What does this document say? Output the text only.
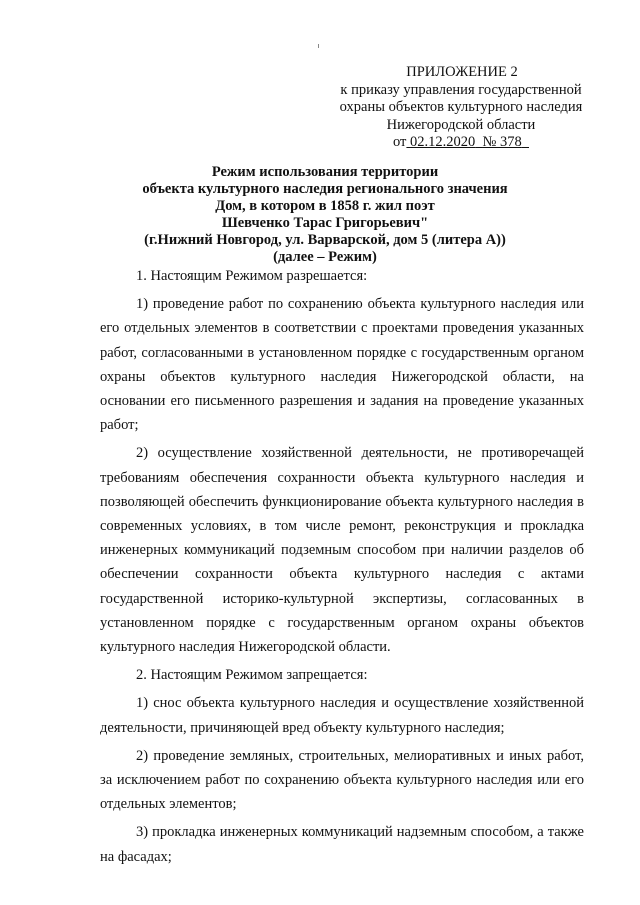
ПРИЛОЖЕНИЕ 2
к приказу управления государственной
охраны объектов культурного наследия
Нижегородской области
от 02.12.2020 № 378
Режим использования территории
объекта культурного наследия регионального значения
Дом, в котором в 1858 г. жил поэт
Шевченко Тарас Григорьевич"
(г.Нижний Новгород, ул. Варварской, дом 5 (литера А))
(далее – Режим)

1. Настоящим Режимом разрешается:

1) проведение работ по сохранению объекта культурного наследия или его отдельных элементов в соответствии с проектами проведения указанных работ, согласованными в установленном порядке с государственным органом охраны объектов культурного наследия Нижегородской области, на основании его письменного разрешения и задания на проведение указанных работ;

2) осуществление хозяйственной деятельности, не противоречащей требованиям обеспечения сохранности объекта культурного наследия и позволяющей обеспечить функционирование объекта культурного наследия в современных условиях, в том числе ремонт, реконструкция и прокладка инженерных коммуникаций подземным способом при наличии разделов об обеспечении сохранности объекта культурного наследия с актами государственной историко-культурной экспертизы, согласованных в установленном порядке с государственным органом охраны объектов культурного наследия Нижегородской области.

2. Настоящим Режимом запрещается:

1) снос объекта культурного наследия и осуществление хозяйственной деятельности, причиняющей вред объекту культурного наследия;

2) проведение земляных, строительных, мелиоративных и иных работ, за исключением работ по сохранению объекта культурного наследия или его отдельных элементов;

3) прокладка инженерных коммуникаций надземным способом, а также на фасадах;
